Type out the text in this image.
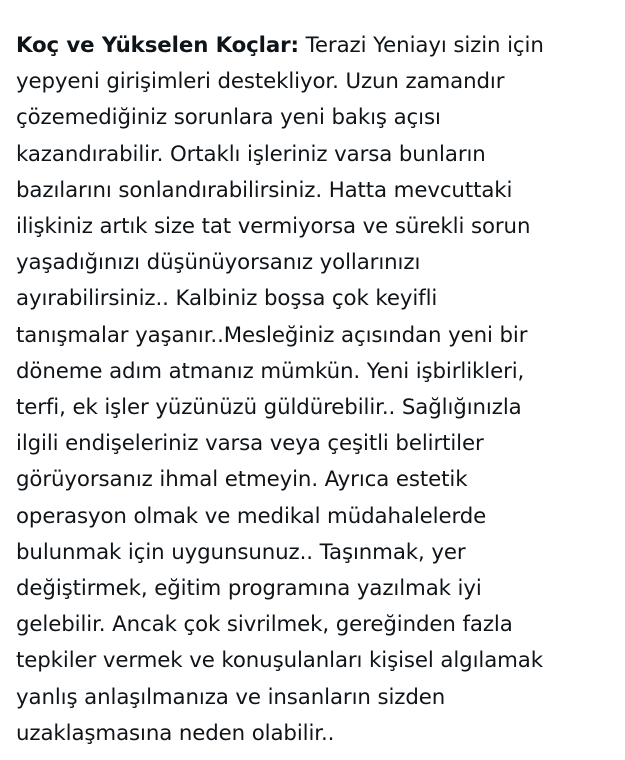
Koç ve Yükselen Koçlar: Terazi Yeniayı sizin için
yepyeni girişimleri destekliyor. Uzun zamandır
çözemediğiniz sorunlara yeni bakış açısı
kazandırabilir. Ortaklı işleriniz varsa bunların
bazılarını sonlandırabilirsiniz. Hatta mevcuttaki
ilişkiniz artık size tat vermiyorsa ve sürekli sorun
yaşadığınızı düşünüyorsanız yollarınızı
ayırabilirsiniz.. Kalbiniz boşsa çok keyifli
tanışmalar yaşanır..Mesleğiniz açısından yeni bir
döneme adım atmanız mümkün. Yeni işbirlikleri,
terfi, ek işler yüzünüzü güldürebilir.. Sağlığınızla
ilgili endişeleriniz varsa veya çeşitli belirtiler
görüyorsanız ihmal etmeyin. Ayrıca estetik
operasyon olmak ve medikal müdahalelerde
bulunmak için uygunsunuz.. Taşınmak, yer
değiştirmek, eğitim programına yazılmak iyi
gelebilir. Ancak çok sivrilmek, gereğinden fazla
tepkiler vermek ve konuşulanları kişisel algılamak
yanlış anlaşılmanıza ve insanların sizden
uzaklaşmasına neden olabilir..
